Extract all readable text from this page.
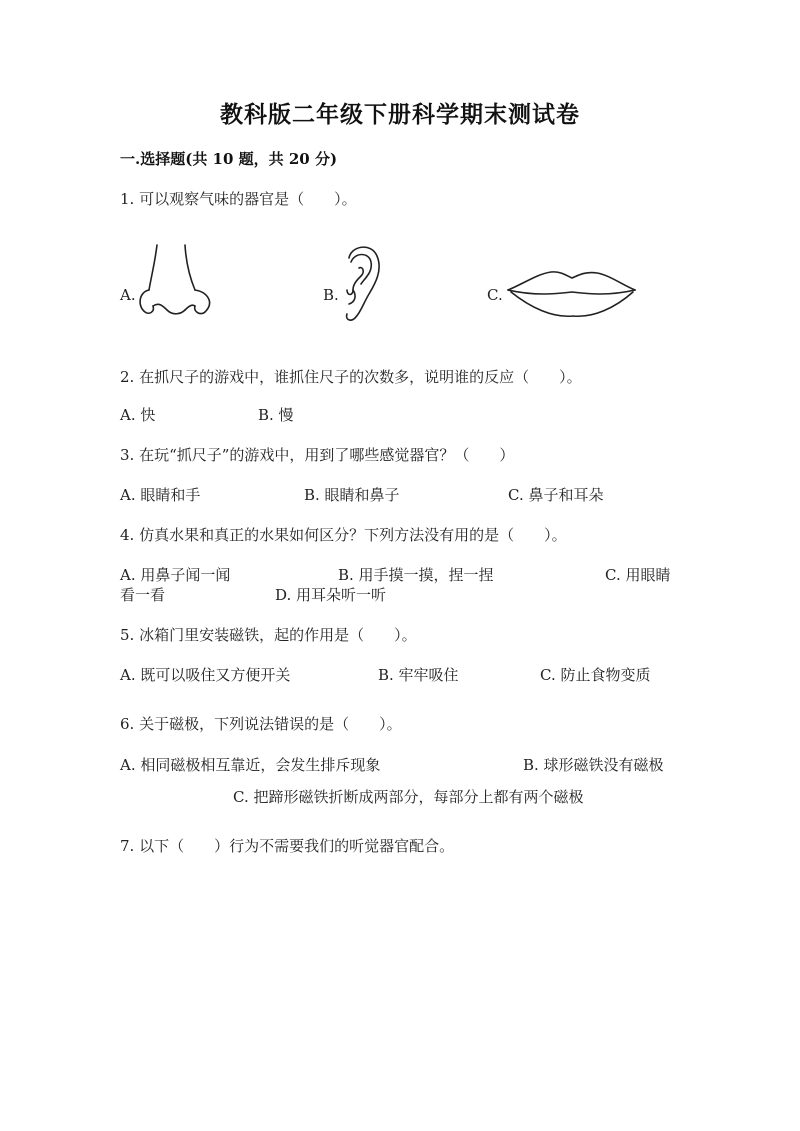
教科版二年级下册科学期末测试卷
一.选择题(共 10 题，共 20 分)
1. 可以观察气味的器官是（　　）。
A.	B.	C.
2. 在抓尺子的游戏中，谁抓住尺子的次数多，说明谁的反应（　　）。
A. 快	B. 慢
3. 在玩“抓尺子”的游戏中，用到了哪些感觉器官？（　　）
A. 眼睛和手	B. 眼睛和鼻子	C. 鼻子和耳朵
4. 仿真水果和真正的水果如何区分？下列方法没有用的是（　　）。
A. 用鼻子闻一闻	B. 用手摸一摸，捏一捏	C. 用眼睛
看一看	D. 用耳朵听一听
5. 冰箱门里安装磁铁，起的作用是（　　）。
A. 既可以吸住又方便开关	B. 牢牢吸住	C. 防止食物变质
6. 关于磁极，下列说法错误的是（　　）。
A. 相同磁极相互靠近，会发生排斥现象	B. 球形磁铁没有磁极
C. 把蹄形磁铁折断成两部分，每部分上都有两个磁极
7. 以下（　　）行为不需要我们的听觉器官配合。
